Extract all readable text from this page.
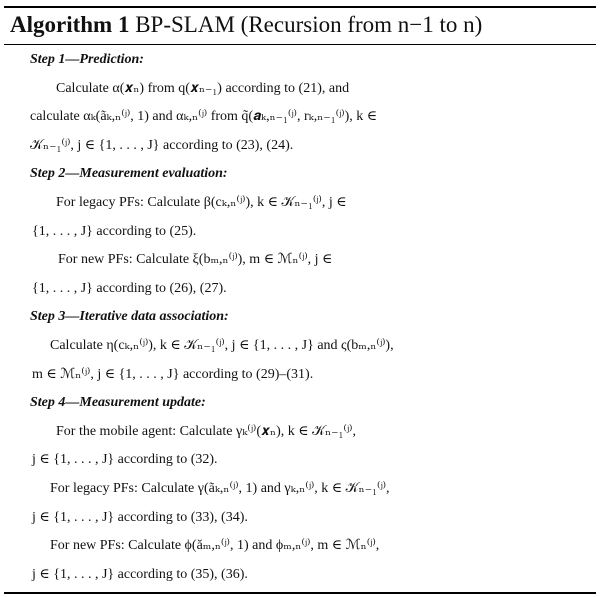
Algorithm 1 BP-SLAM (Recursion from n−1 to n)
Step 1—Prediction:
Calculate α(𝒙ₙ) from q(𝒙ₙ₋₁) according to (21), and
calculate αₖ(ãₖ,ₙ⁽ʲ⁾, 1) and αₖ,ₙ⁽ʲ⁾ from q̃(𝒂ₖ,ₙ₋₁⁽ʲ⁾, rₖ,ₙ₋₁⁽ʲ⁾), k ∈
𝒦ₙ₋₁⁽ʲ⁾, j ∈ {1, . . . , J} according to (23), (24).
Step 2—Measurement evaluation:
For legacy PFs: Calculate β(cₖ,ₙ⁽ʲ⁾), k ∈ 𝒦ₙ₋₁⁽ʲ⁾, j ∈
{1, . . . , J} according to (25).
For new PFs: Calculate ξ(bₘ,ₙ⁽ʲ⁾), m ∈ ℳₙ⁽ʲ⁾, j ∈
{1, . . . , J} according to (26), (27).
Step 3—Iterative data association:
Calculate η(cₖ,ₙ⁽ʲ⁾), k ∈ 𝒦ₙ₋₁⁽ʲ⁾, j ∈ {1, . . . , J} and ς(bₘ,ₙ⁽ʲ⁾),
m ∈ ℳₙ⁽ʲ⁾, j ∈ {1, . . . , J} according to (29)–(31).
Step 4—Measurement update:
For the mobile agent: Calculate γₖ⁽ʲ⁾(𝒙ₙ), k ∈ 𝒦ₙ₋₁⁽ʲ⁾,
j ∈ {1, . . . , J} according to (32).
For legacy PFs: Calculate γ(ãₖ,ₙ⁽ʲ⁾, 1) and γₖ,ₙ⁽ʲ⁾, k ∈ 𝒦ₙ₋₁⁽ʲ⁾,
j ∈ {1, . . . , J} according to (33), (34).
For new PFs: Calculate ϕ(ăₘ,ₙ⁽ʲ⁾, 1) and ϕₘ,ₙ⁽ʲ⁾, m ∈ ℳₙ⁽ʲ⁾,
j ∈ {1, . . . , J} according to (35), (36).
